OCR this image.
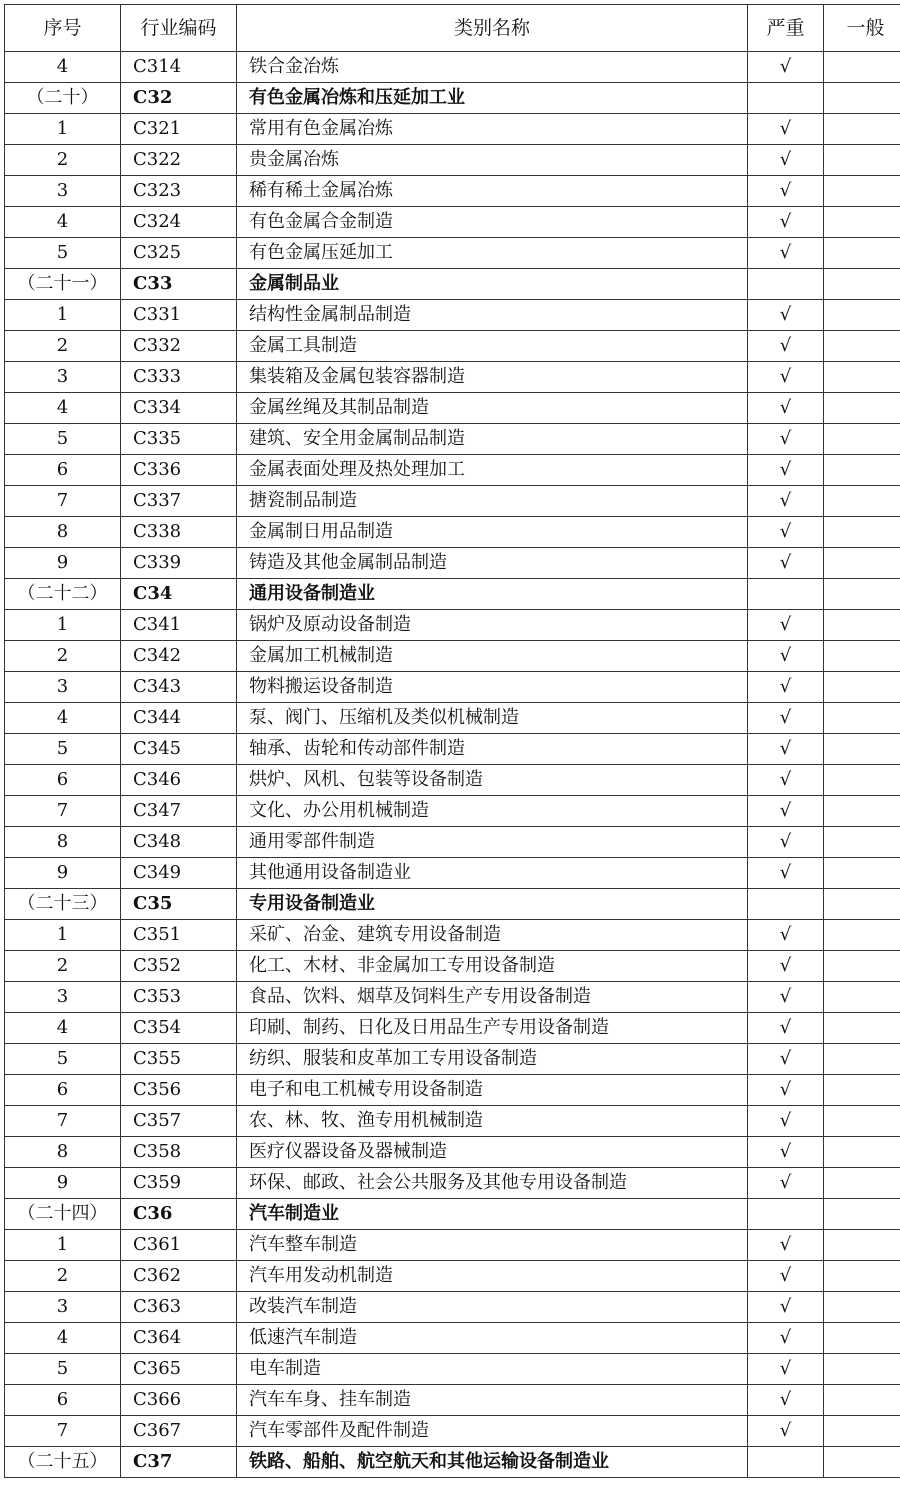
序号	行业编码	类别名称	严重	一般
4	C314	铁合金冶炼	√	
（二十）	C32	有色金属冶炼和压延加工业		
1	C321	常用有色金属冶炼	√	
2	C322	贵金属冶炼	√	
3	C323	稀有稀土金属冶炼	√	
4	C324	有色金属合金制造	√	
5	C325	有色金属压延加工	√	
（二十一）	C33	金属制品业		
1	C331	结构性金属制品制造	√	
2	C332	金属工具制造	√	
3	C333	集装箱及金属包装容器制造	√	
4	C334	金属丝绳及其制品制造	√	
5	C335	建筑、安全用金属制品制造	√	
6	C336	金属表面处理及热处理加工	√	
7	C337	搪瓷制品制造	√	
8	C338	金属制日用品制造	√	
9	C339	铸造及其他金属制品制造	√	
（二十二）	C34	通用设备制造业		
1	C341	锅炉及原动设备制造	√	
2	C342	金属加工机械制造	√	
3	C343	物料搬运设备制造	√	
4	C344	泵、阀门、压缩机及类似机械制造	√	
5	C345	轴承、齿轮和传动部件制造	√	
6	C346	烘炉、风机、包装等设备制造	√	
7	C347	文化、办公用机械制造	√	
8	C348	通用零部件制造	√	
9	C349	其他通用设备制造业	√	
（二十三）	C35	专用设备制造业		
1	C351	采矿、冶金、建筑专用设备制造	√	
2	C352	化工、木材、非金属加工专用设备制造	√	
3	C353	食品、饮料、烟草及饲料生产专用设备制造	√	
4	C354	印刷、制药、日化及日用品生产专用设备制造	√	
5	C355	纺织、服装和皮革加工专用设备制造	√	
6	C356	电子和电工机械专用设备制造	√	
7	C357	农、林、牧、渔专用机械制造	√	
8	C358	医疗仪器设备及器械制造	√	
9	C359	环保、邮政、社会公共服务及其他专用设备制造	√	
（二十四）	C36	汽车制造业		
1	C361	汽车整车制造	√	
2	C362	汽车用发动机制造	√	
3	C363	改装汽车制造	√	
4	C364	低速汽车制造	√	
5	C365	电车制造	√	
6	C366	汽车车身、挂车制造	√	
7	C367	汽车零部件及配件制造	√	
（二十五）	C37	铁路、船舶、航空航天和其他运输设备制造业		
